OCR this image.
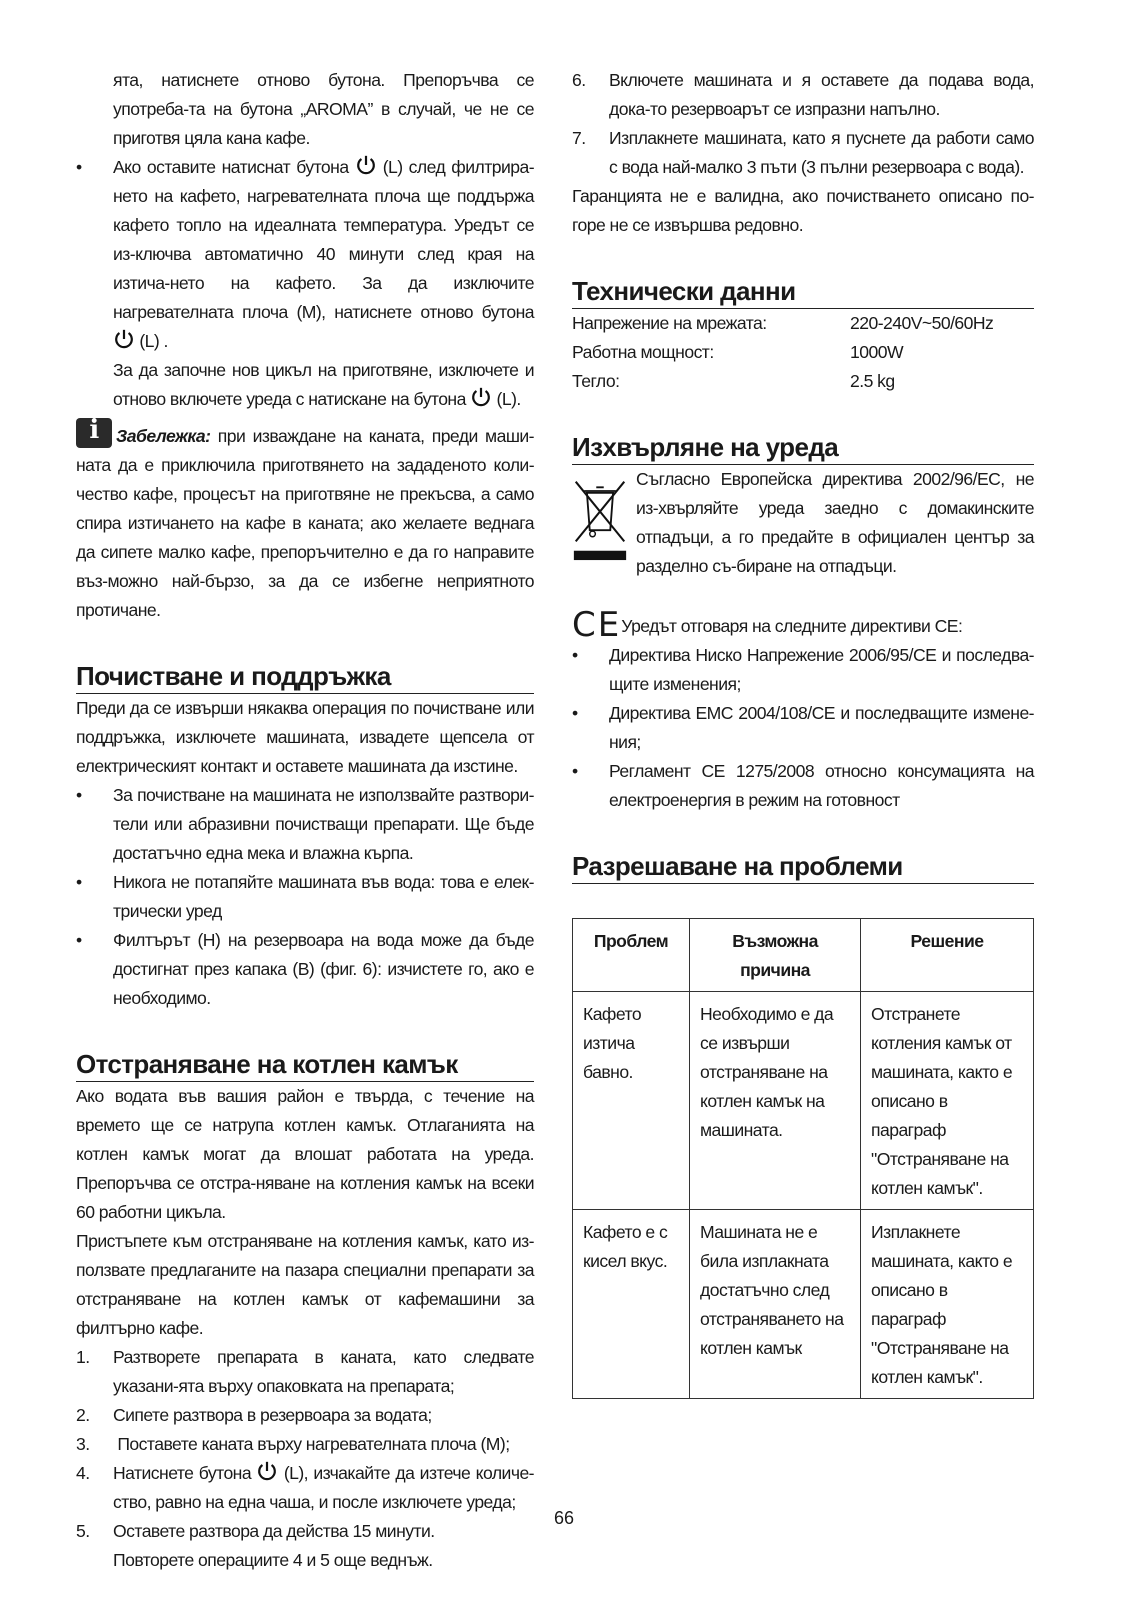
ята, натиснете отново бутона. Препоръчва се употреба-та на бутона „AROMA” в случай, че не се приготвя цяла кана кафе.

• Ако оставите натиснат бутона (L) след филтрира-нето на кафето, нагревателната плоча ще поддържа кафето топло на идеалната температура. Уредът се из-ключва автоматично 40 минути след края на изтича-нето на кафето. За да изключите нагревателната плоча (M), натиснете отново бутона  (L) .

За да започне нов цикъл на приготвяне, изключете и отново включете уреда с натискане на бутона (L).

i Забележка: при изваждане на каната, преди маши-ната да е приключила приготвянето на зададеното коли-чество кафе, процесът на приготвяне не прекъсва, а само спира изтичането на кафе в каната; ако желаете веднага да сипете малко кафе, препоръчително е да го направите въз-можно най-бързо, за да се избегне неприятното протичане.

Почистване и поддръжка

Преди да се извърши някаква операция по почистване или поддръжка, изключете машината, извадете щепсела от електрическият контакт и оставете машината да изстине.

• За почистване на машината не използвайте разтвори-тели или абразивни почистващи препарати. Ще бъде достатъчно една мека и влажна кърпа.
• Никога не потапяйте машината във вода: това е елек-трически уред
• Филтърът (H) на резервоара на вода може да бъде достигнат през капака (B) (фиг. 6): изчистете го, ако е необходимо.
Отстраняване на котлен камък

Ако водата във вашия район е твърда, с течение на времето ще се натрупа котлен камък. Отлаганията на котлен камък могат да влошат работата на уреда. Препоръчва се отстра-няване на котления камък на всеки 60 работни цикъла.

Пристъпете към отстраняване на котления камък, като из-ползвате предлаганите на пазара специални препарати за отстраняване на котлен камък от кафемашини за филтърно кафе.

1. Разтворете препарата в каната, като следвате указани-ята върху опаковката на препарата;
2. Сипете разтвора в резервоара за водата;
3. Поставете каната върху нагревателната плоча (M);
4. Натиснете бутона (L), изчакайте да изтече количе-ство, равно на една чаша, и после изключете уреда;
5. Оставете разтвора да действа 15 минути.
Повторете операциите 4 и 5 още веднъж.
6. Включете машината и я оставете да подава вода, дока-то резервоарът се изпразни напълно.
7. Изплакнете машината, като я пуснете да работи само с вода най-малко 3 пъти (3 пълни резервоара с вода).

Гаранцията не е валидна, ако почистването описано по-горе не се извършва редовно.

Технически данни
Напрежение на мрежата:	220-240V~50/60Hz
Работна мощност:	1000W
Тегло:	2.5 kg
Изхвърляне на уреда
Съгласно Европейска директива 2002/96/EC, не из-хвърляйте уреда заедно с домакинските отпадъци, а го предайте в официален център за разделно съ-биране на отпадъци.
CEУредът отговаря на следните директиви CE:
• Директива Ниско Напрежение 2006/95/CE и последва-щите изменения;
• Директива EMC 2004/108/CE и последващите измене-ния;
• Регламент CE 1275/2008 относно консумацията на електроенергия в режим на готовност
Разрешаване на проблеми
Проблем	Възможна причина	Решение
Кафето изтича бавно.	Необходимо е да се извърши отстраняване на котлен камък на машината.	Отстранете котления камък от машината, както е описано в параграф "Отстраняване на котлен камък".
Кафето е с кисел вкус.	Машината не е била изплакната достатъчно след отстраняването на котлен камък	Изплакнете машината, както е описано в параграф "Отстраняване на котлен камък".
66
